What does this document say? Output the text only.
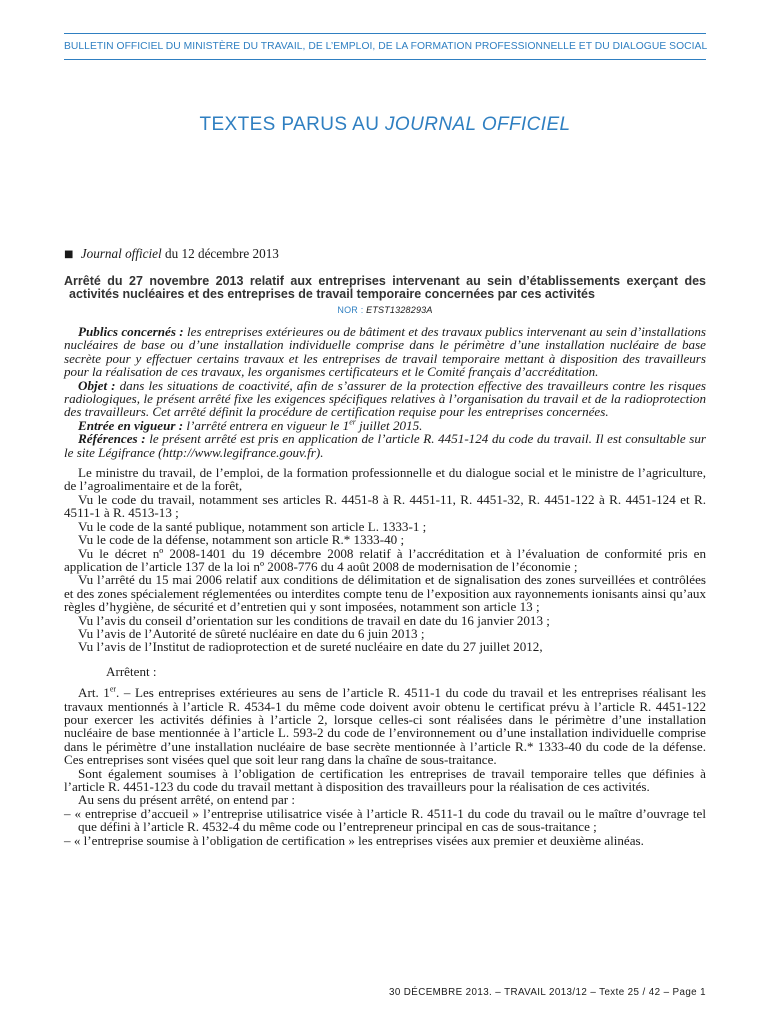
BULLETIN OFFICIEL DU MINISTÈRE DU TRAVAIL, DE L’EMPLOI, DE LA FORMATION PROFESSIONNELLE ET DU DIALOGUE SOCIAL
TEXTES PARUS AU JOURNAL OFFICIEL

■ Journal officiel du 12 décembre 2013

Arrêté du 27 novembre 2013 relatif aux entreprises intervenant au sein d’établissements exerçant des activités nucléaires et des entreprises de travail temporaire concernées par ces activités

NOR : ETST1328293A

Publics concernés : les entreprises extérieures ou de bâtiment et des travaux publics intervenant au sein d’installations nucléaires de base ou d’une installation individuelle comprise dans le périmètre d’une installation nucléaire de base secrète pour y effectuer certains travaux et les entreprises de travail temporaire mettant à disposition des travailleurs pour la réalisation de ces travaux, les organismes certificateurs et le Comité français d’accréditation.

Objet : dans les situations de coactivité, afin de s’assurer de la protection effective des travailleurs contre les risques radiologiques, le présent arrêté fixe les exigences spécifiques relatives à l’organisation du travail et de la radioprotection des travailleurs. Cet arrêté définit la procédure de certification requise pour les entreprises concernées.

Entrée en vigueur : l’arrêté entrera en vigueur le 1er juillet 2015.

Références : le présent arrêté est pris en application de l’article R. 4451-124 du code du travail. Il est consultable sur le site Légifrance (http://www.legifrance.gouv.fr).

Le ministre du travail, de l’emploi, de la formation professionnelle et du dialogue social et le ministre de l’agriculture, de l’agroalimentaire et de la forêt,

Vu le code du travail, notamment ses articles R. 4451-8 à R. 4451-11, R. 4451-32, R. 4451-122 à R. 4451-124 et R. 4511-1 à R. 4513-13 ;

Vu le code de la santé publique, notamment son article L. 1333-1 ;

Vu le code de la défense, notamment son article R.* 1333-40 ;

Vu le décret nº 2008-1401 du 19 décembre 2008 relatif à l’accréditation et à l’évaluation de conformité pris en application de l’article 137 de la loi nº 2008-776 du 4 août 2008 de modernisation de l’économie ;

Vu l’arrêté du 15 mai 2006 relatif aux conditions de délimitation et de signalisation des zones surveillées et contrôlées et des zones spécialement réglementées ou interdites compte tenu de l’exposition aux rayonnements ionisants ainsi qu’aux règles d’hygiène, de sécurité et d’entretien qui y sont imposées, notamment son article 13 ;

Vu l’avis du conseil d’orientation sur les conditions de travail en date du 16 janvier 2013 ;

Vu l’avis de l’Autorité de sûreté nucléaire en date du 6 juin 2013 ;

Vu l’avis de l’Institut de radioprotection et de sureté nucléaire en date du 27 juillet 2012,

Arrêtent :

Art. 1er. – Les entreprises extérieures au sens de l’article R. 4511-1 du code du travail et les entreprises réalisant les travaux mentionnés à l’article R. 4534-1 du même code doivent avoir obtenu le certificat prévu à l’article R. 4451-122 pour exercer les activités définies à l’article 2, lorsque celles-ci sont réalisées dans le périmètre d’une installation nucléaire de base mentionnée à l’article L. 593-2 du code de l’environnement ou d’une installation individuelle comprise dans le périmètre d’une installation nucléaire de base secrète mentionnée à l’article R.* 1333-40 du code de la défense. Ces entreprises sont visées quel que soit leur rang dans la chaîne de sous-traitance.

Sont également soumises à l’obligation de certification les entreprises de travail temporaire telles que définies à l’article R. 4451-123 du code du travail mettant à disposition des travailleurs pour la réalisation de ces activités.

Au sens du présent arrêté, on entend par :

– « entreprise d’accueil » l’entreprise utilisatrice visée à l’article R. 4511-1 du code du travail ou le maître d’ouvrage tel que défini à l’article R. 4532-4 du même code ou l’entrepreneur principal en cas de sous-traitance ;
– « l’entreprise soumise à l’obligation de certification » les entreprises visées aux premier et deuxième alinéas.
30 DÉCEMBRE 2013. – TRAVAIL 2013/12 – Texte 25 / 42 – Page 1
